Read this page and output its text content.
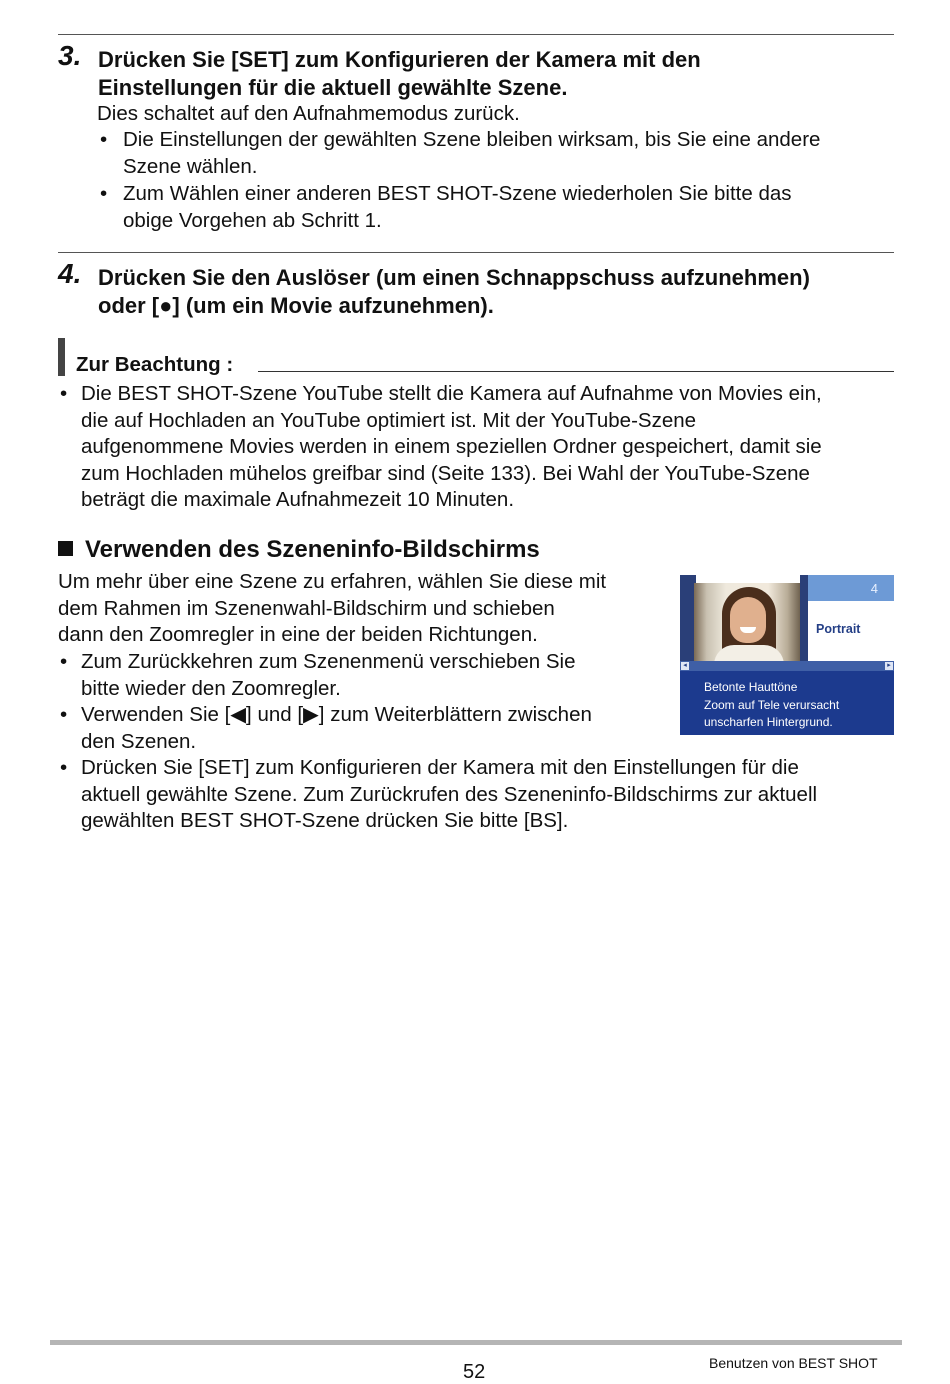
3. Drücken Sie [SET] zum Konfigurieren der Kamera mit den
Einstellungen für die aktuell gewählte Szene.
Dies schaltet auf den Aufnahmemodus zurück.
• Die Einstellungen der gewählten Szene bleiben wirksam, bis Sie eine andere
Szene wählen.
• Zum Wählen einer anderen BEST SHOT-Szene wiederholen Sie bitte das
obige Vorgehen ab Schritt 1.
4. Drücken Sie den Auslöser (um einen Schnappschuss aufzunehmen)
oder [●] (um ein Movie aufzunehmen).
Zur Beachtung :
• Die BEST SHOT-Szene YouTube stellt die Kamera auf Aufnahme von Movies ein,
die auf Hochladen an YouTube optimiert ist. Mit der YouTube-Szene
aufgenommene Movies werden in einem speziellen Ordner gespeichert, damit sie
zum Hochladen mühelos greifbar sind (Seite 133). Bei Wahl der YouTube-Szene
beträgt die maximale Aufnahmezeit 10 Minuten.
Verwenden des Szeneninfo-Bildschirms
Um mehr über eine Szene zu erfahren, wählen Sie diese mit
dem Rahmen im Szenenwahl-Bildschirm und schieben
dann den Zoomregler in eine der beiden Richtungen.
• Zum Zurückkehren zum Szenenmenü verschieben Sie
bitte wieder den Zoomregler.
• Verwenden Sie [◀] und [▶] zum Weiterblättern zwischen
den Szenen.
• Drücken Sie [SET] zum Konfigurieren der Kamera mit den Einstellungen für die
aktuell gewählte Szene. Zum Zurückrufen des Szeneninfo-Bildschirms zur aktuell
gewählten BEST SHOT-Szene drücken Sie bitte [BS].
4
Portrait
◂	▸
Betonte Hauttöne
Zoom auf Tele verursacht
unscharfen Hintergrund.
52	Benutzen von BEST SHOT
